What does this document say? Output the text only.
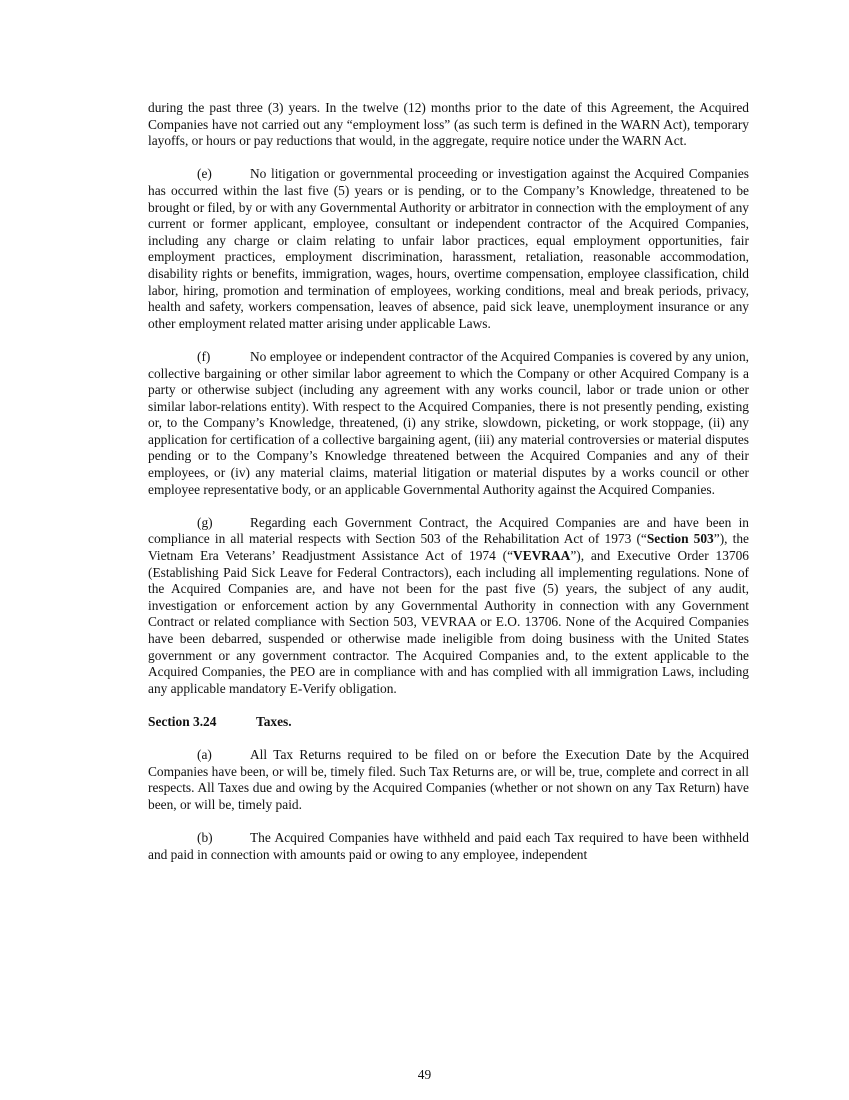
during the past three (3) years. In the twelve (12) months prior to the date of this Agreement, the Acquired Companies have not carried out any “employment loss” (as such term is defined in the WARN Act), temporary layoffs, or hours or pay reductions that would, in the aggregate, require notice under the WARN Act.

(e)	No litigation or governmental proceeding or investigation against the Acquired Companies has occurred within the last five (5) years or is pending, or to the Company’s Knowledge, threatened to be brought or filed, by or with any Governmental Authority or arbitrator in connection with the employment of any current or former applicant, employee, consultant or independent contractor of the Acquired Companies, including any charge or claim relating to unfair labor practices, equal employment opportunities, fair employment practices, employment discrimination, harassment, retaliation, reasonable accommodation, disability rights or benefits, immigration, wages, hours, overtime compensation, employee classification, child labor, hiring, promotion and termination of employees, working conditions, meal and break periods, privacy, health and safety, workers compensation, leaves of absence, paid sick leave, unemployment insurance or any other employment related matter arising under applicable Laws.

(f)	No employee or independent contractor of the Acquired Companies is covered by any union, collective bargaining or other similar labor agreement to which the Company or other Acquired Company is a party or otherwise subject (including any agreement with any works council, labor or trade union or other similar labor-relations entity). With respect to the Acquired Companies, there is not presently pending, existing or, to the Company’s Knowledge, threatened, (i) any strike, slowdown, picketing, or work stoppage, (ii) any application for certification of a collective bargaining agent, (iii) any material controversies or material disputes pending or to the Company’s Knowledge threatened between the Acquired Companies and any of their employees, or (iv) any material claims, material litigation or material disputes by a works council or other employee representative body, or an applicable Governmental Authority against the Acquired Companies.

(g)	Regarding each Government Contract, the Acquired Companies are and have been in compliance in all material respects with Section 503 of the Rehabilitation Act of 1973 (“Section 503”), the Vietnam Era Veterans’ Readjustment Assistance Act of 1974 (“VEVRAA”), and Executive Order 13706 (Establishing Paid Sick Leave for Federal Contractors), each including all implementing regulations. None of the Acquired Companies are, and have not been for the past five (5) years, the subject of any audit, investigation or enforcement action by any Governmental Authority in connection with any Government Contract or related compliance with Section 503, VEVRAA or E.O. 13706. None of the Acquired Companies have been debarred, suspended or otherwise made ineligible from doing business with the United States government or any government contractor. The Acquired Companies and, to the extent applicable to the Acquired Companies, the PEO are in compliance with and has complied with all immigration Laws, including any applicable mandatory E-Verify obligation.

Section 3.24	Taxes.

(a)	All Tax Returns required to be filed on or before the Execution Date by the Acquired Companies have been, or will be, timely filed. Such Tax Returns are, or will be, true, complete and correct in all respects. All Taxes due and owing by the Acquired Companies (whether or not shown on any Tax Return) have been, or will be, timely paid.

(b)	The Acquired Companies have withheld and paid each Tax required to have been withheld and paid in connection with amounts paid or owing to any employee, independent

49
